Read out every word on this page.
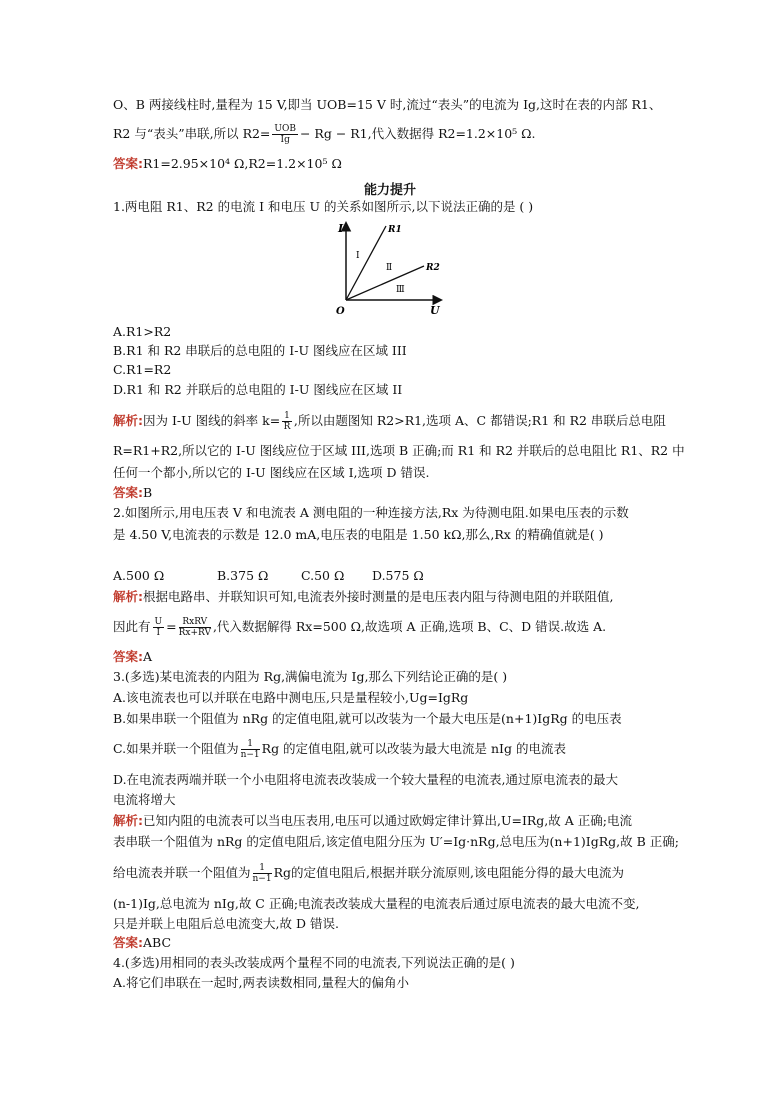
O、B 两接线柱时,量程为 15 V,即当 UOB=15 V 时,流过“表头”的电流为 Ig,这时在表的内部 R1、
R2 与“表头”串联,所以 $R2= \frac{\text{UOB}}{Ig} - Rg - R1$,代入数据得 R2=1.2×10⁵ Ω.
答案:R1=2.95×10⁴ Ω,R2=1.2×10⁵ Ω
能力提升
1.两电阻 R1、R2 的电流 I 和电压 U 的关系如图所示,以下说法正确的是 ( )
I
U
O
R1
R2
Ⅰ
Ⅱ
Ⅲ
A.R1>R2
B.R1 和 R2 串联后的总电阻的 I-U 图线应在区域 III
C.R1=R2
D.R1 和 R2 并联后的总电阻的 I-U 图线应在区域 II
解析:因为 I-U 图线的斜率 $k= \frac{1}{R}$ ,所以由题图知 R2>R1,选项 A、C 都错误;R1 和 R2 串联后总电阻
R=R1+R2,所以它的 I-U 图线应位于区域 III,选项 B 正确;而 R1 和 R2 并联后的总电阻比 R1、R2 中
任何一个都小,所以它的 I-U 图线应在区域 I,选项 D 错误.
答案:B
2.如图所示,用电压表 V 和电流表 A 测电阻的一种连接方法,Rx 为待测电阻.如果电压表的示数
是 4.50 V,电流表的示数是 12.0 mA,电压表的电阻是 1.50 kΩ,那么,Rx 的精确值就是( )
A.500 Ω	B.375 Ω	C.50 Ω D.575 Ω
解析:根据电路串、并联知识可知,电流表外接时测量的是电压表内阻与待测电阻的并联阻值,
因此有 $\frac{U}{I} = \frac{\text{RxRV}}{Rx+RV}$ ,代入数据解得 Rx=500 Ω,故选项 A 正确,选项 B、C、D 错误.故选 A.
答案:A
3.(多选)某电流表的内阻为 Rg,满偏电流为 Ig,那么下列结论正确的是( )
A.该电流表也可以并联在电路中测电压,只是量程较小,Ug=IgRg
B.如果串联一个阻值为 nRg 的定值电阻,就可以改装为一个最大电压是(n+1)IgRg 的电压表
C.如果并联一个阻值为 $\frac{1}{n-1}$ Rg 的定值电阻,就可以改装为最大电流是 nIg 的电流表
D.在电流表两端并联一个小电阻将电流表改装成一个较大量程的电流表,通过原电流表的最大
电流将增大
解析:已知内阻的电流表可以当电压表用,电压可以通过欧姆定律计算出,U=IRg,故 A 正确;电流
表串联一个阻值为 nRg 的定值电阻后,该定值电阻分压为 U′=Ig·nRg,总电压为(n+1)IgRg,故 B 正确;
给电流表并联一个阻值为 $\frac{1}{n-1}$ Rg的定值电阻后,根据并联分流原则,该电阻能分得的最大电流为
(n-1)Ig,总电流为 nIg,故 C 正确;电流表改装成大量程的电流表后通过原电流表的最大电流不变,
只是并联上电阻后总电流变大,故 D 错误.
答案:ABC
4.(多选)用相同的表头改装成两个量程不同的电流表,下列说法正确的是( )
A.将它们串联在一起时,两表读数相同,量程大的偏角小
